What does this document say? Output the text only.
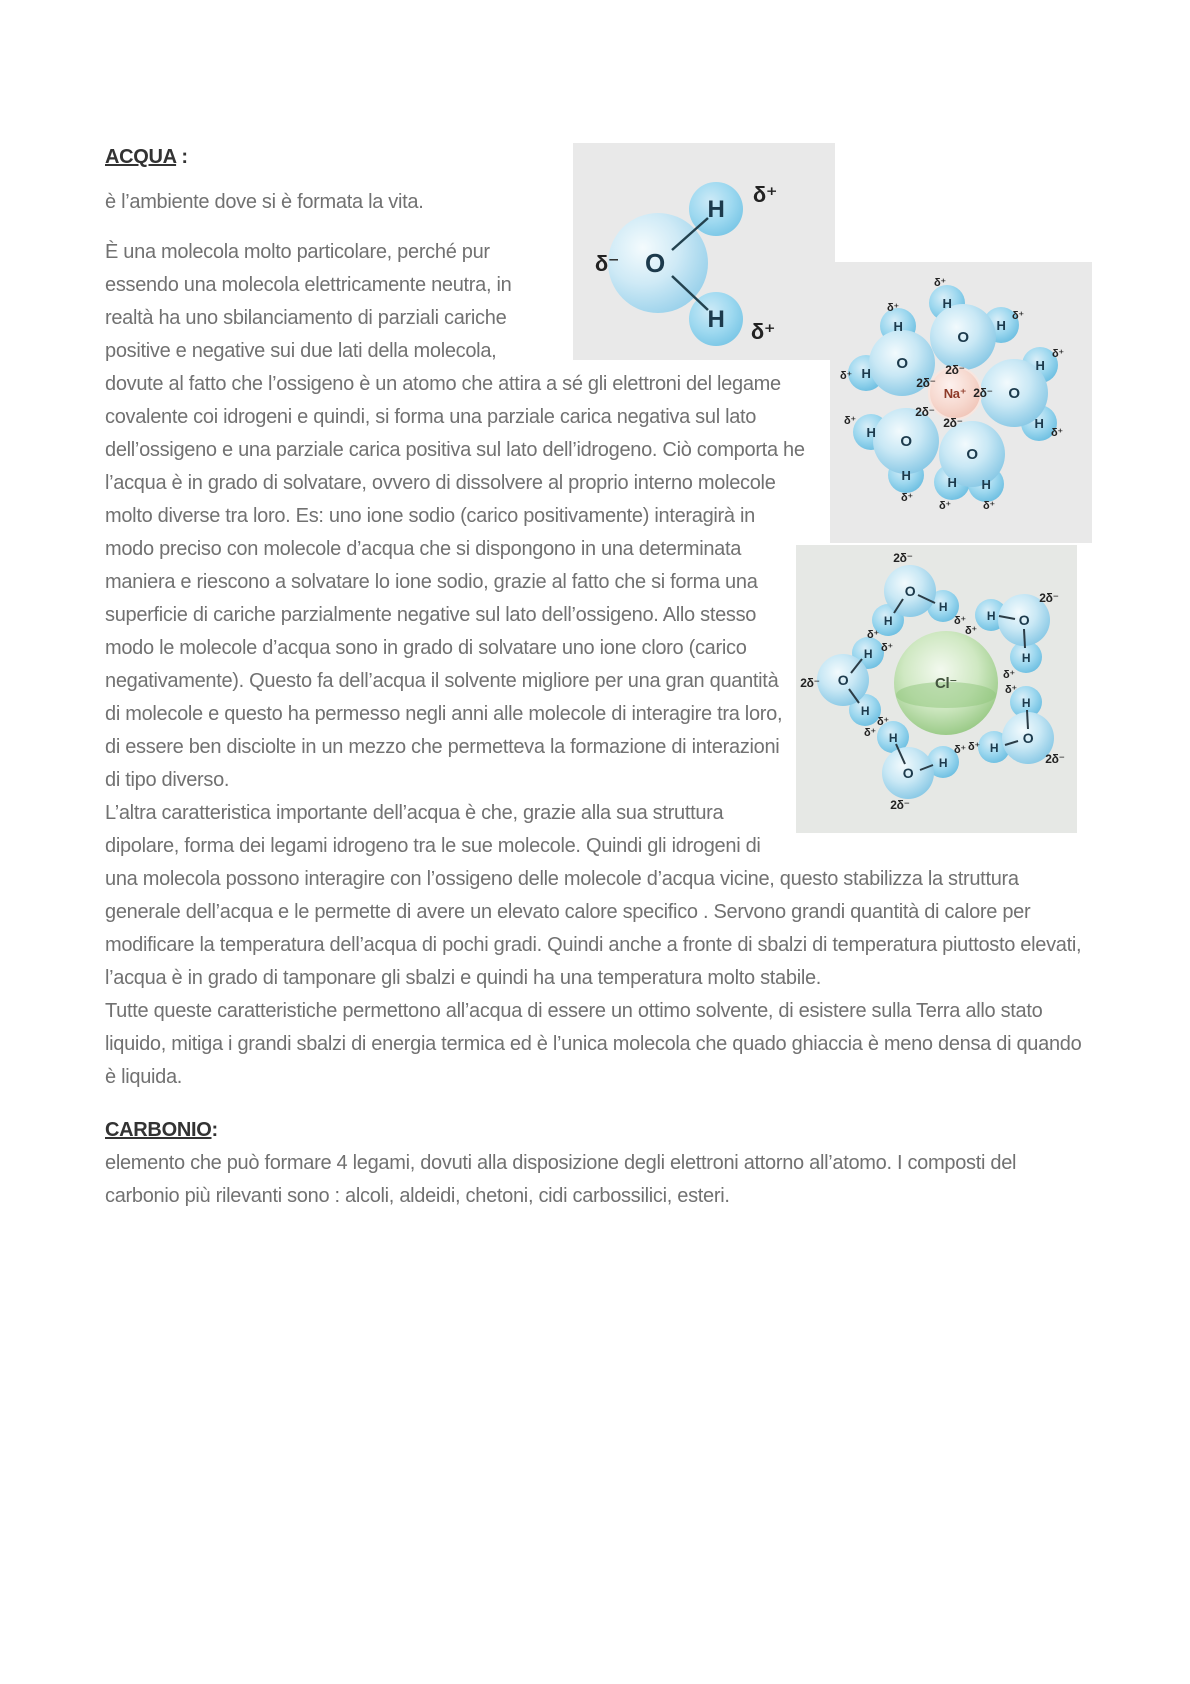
O
H
H
O
H
H
O
H
H
O
H
H
O
H H
Na⁺
2δ⁻
2δ⁻
2δ⁻
2δ⁻
2δ⁻
δ⁺
δ⁺
δ⁺
δ⁺
δ⁺
δ⁺
δ⁺
δ⁺
δ⁺	δ⁺
O
H
H
δ⁻
δ⁺
δ⁺
O
H
H	O
H
H
O
H
H
O
H
H
O
H
H
Cl⁻
2δ⁻
2δ⁻
2δ⁻
2δ⁻
2δ⁻
δ⁺
δ⁺
δ⁺
δ⁺
δ⁺
δ⁺
δ⁺
δ⁺
δ⁺ δ⁺
ACQUA :

è l’ambiente dove si è formata la vita.

È una molecola molto particolare, perché pur essendo una molecola elettricamente neutra, in realtà ha uno sbilanciamento di parziali cariche positive e negative sui due lati della molecola, dovute al fatto che l’ossigeno è un atomo che attira a sé gli elettroni del legame covalente coi idrogeni e quindi, si forma una parziale carica negativa sul lato dell’ossigeno e una parziale carica positiva sul lato dell’idrogeno. Ciò comporta he l’acqua è in grado di solvatare, ovvero di dissolvere al proprio interno molecole molto diverse tra loro. Es: uno ione sodio (carico positivamente) interagirà in modo preciso con molecole d’acqua che si dispongono in una determinata maniera e riescono a solvatare lo ione sodio, grazie al fatto che si forma una superficie di cariche parzialmente negative sul lato dell’ossigeno. Allo stesso modo le molecole d’acqua sono in grado di solvatare uno ione cloro (carico negativamente). Questo fa dell’acqua il solvente migliore per una gran quantità di molecole e questo ha permesso negli anni alle molecole di interagire tra loro, di essere ben disciolte in un mezzo che permetteva la formazione di interazioni di tipo diverso.

L’altra caratteristica importante dell’acqua è che, grazie alla sua struttura
dipolare, forma dei legami idrogeno tra le sue molecole. Quindi gli idrogeni di una molecola possono interagire con l’ossigeno delle molecole d’acqua vicine, questo stabilizza la struttura generale dell’acqua e le permette di avere un elevato calore specifico . Servono grandi quantità di calore per modificare la temperatura dell’acqua di pochi gradi. Quindi anche a fronte di sbalzi di temperatura piuttosto elevati, l’acqua è in grado di tamponare gli sbalzi e quindi ha una temperatura molto stabile.

Tutte queste caratteristiche permettono all’acqua di essere un ottimo solvente, di esistere sulla Terra allo stato liquido, mitiga i grandi sbalzi di energia termica ed è l’unica molecola che quado ghiaccia è meno densa di quando è liquida.

CARBONIO:

elemento che può formare 4 legami, dovuti alla disposizione degli elettroni attorno all’atomo. I composti del carbonio più rilevanti sono : alcoli, aldeidi, chetoni, cidi carbossilici, esteri.
